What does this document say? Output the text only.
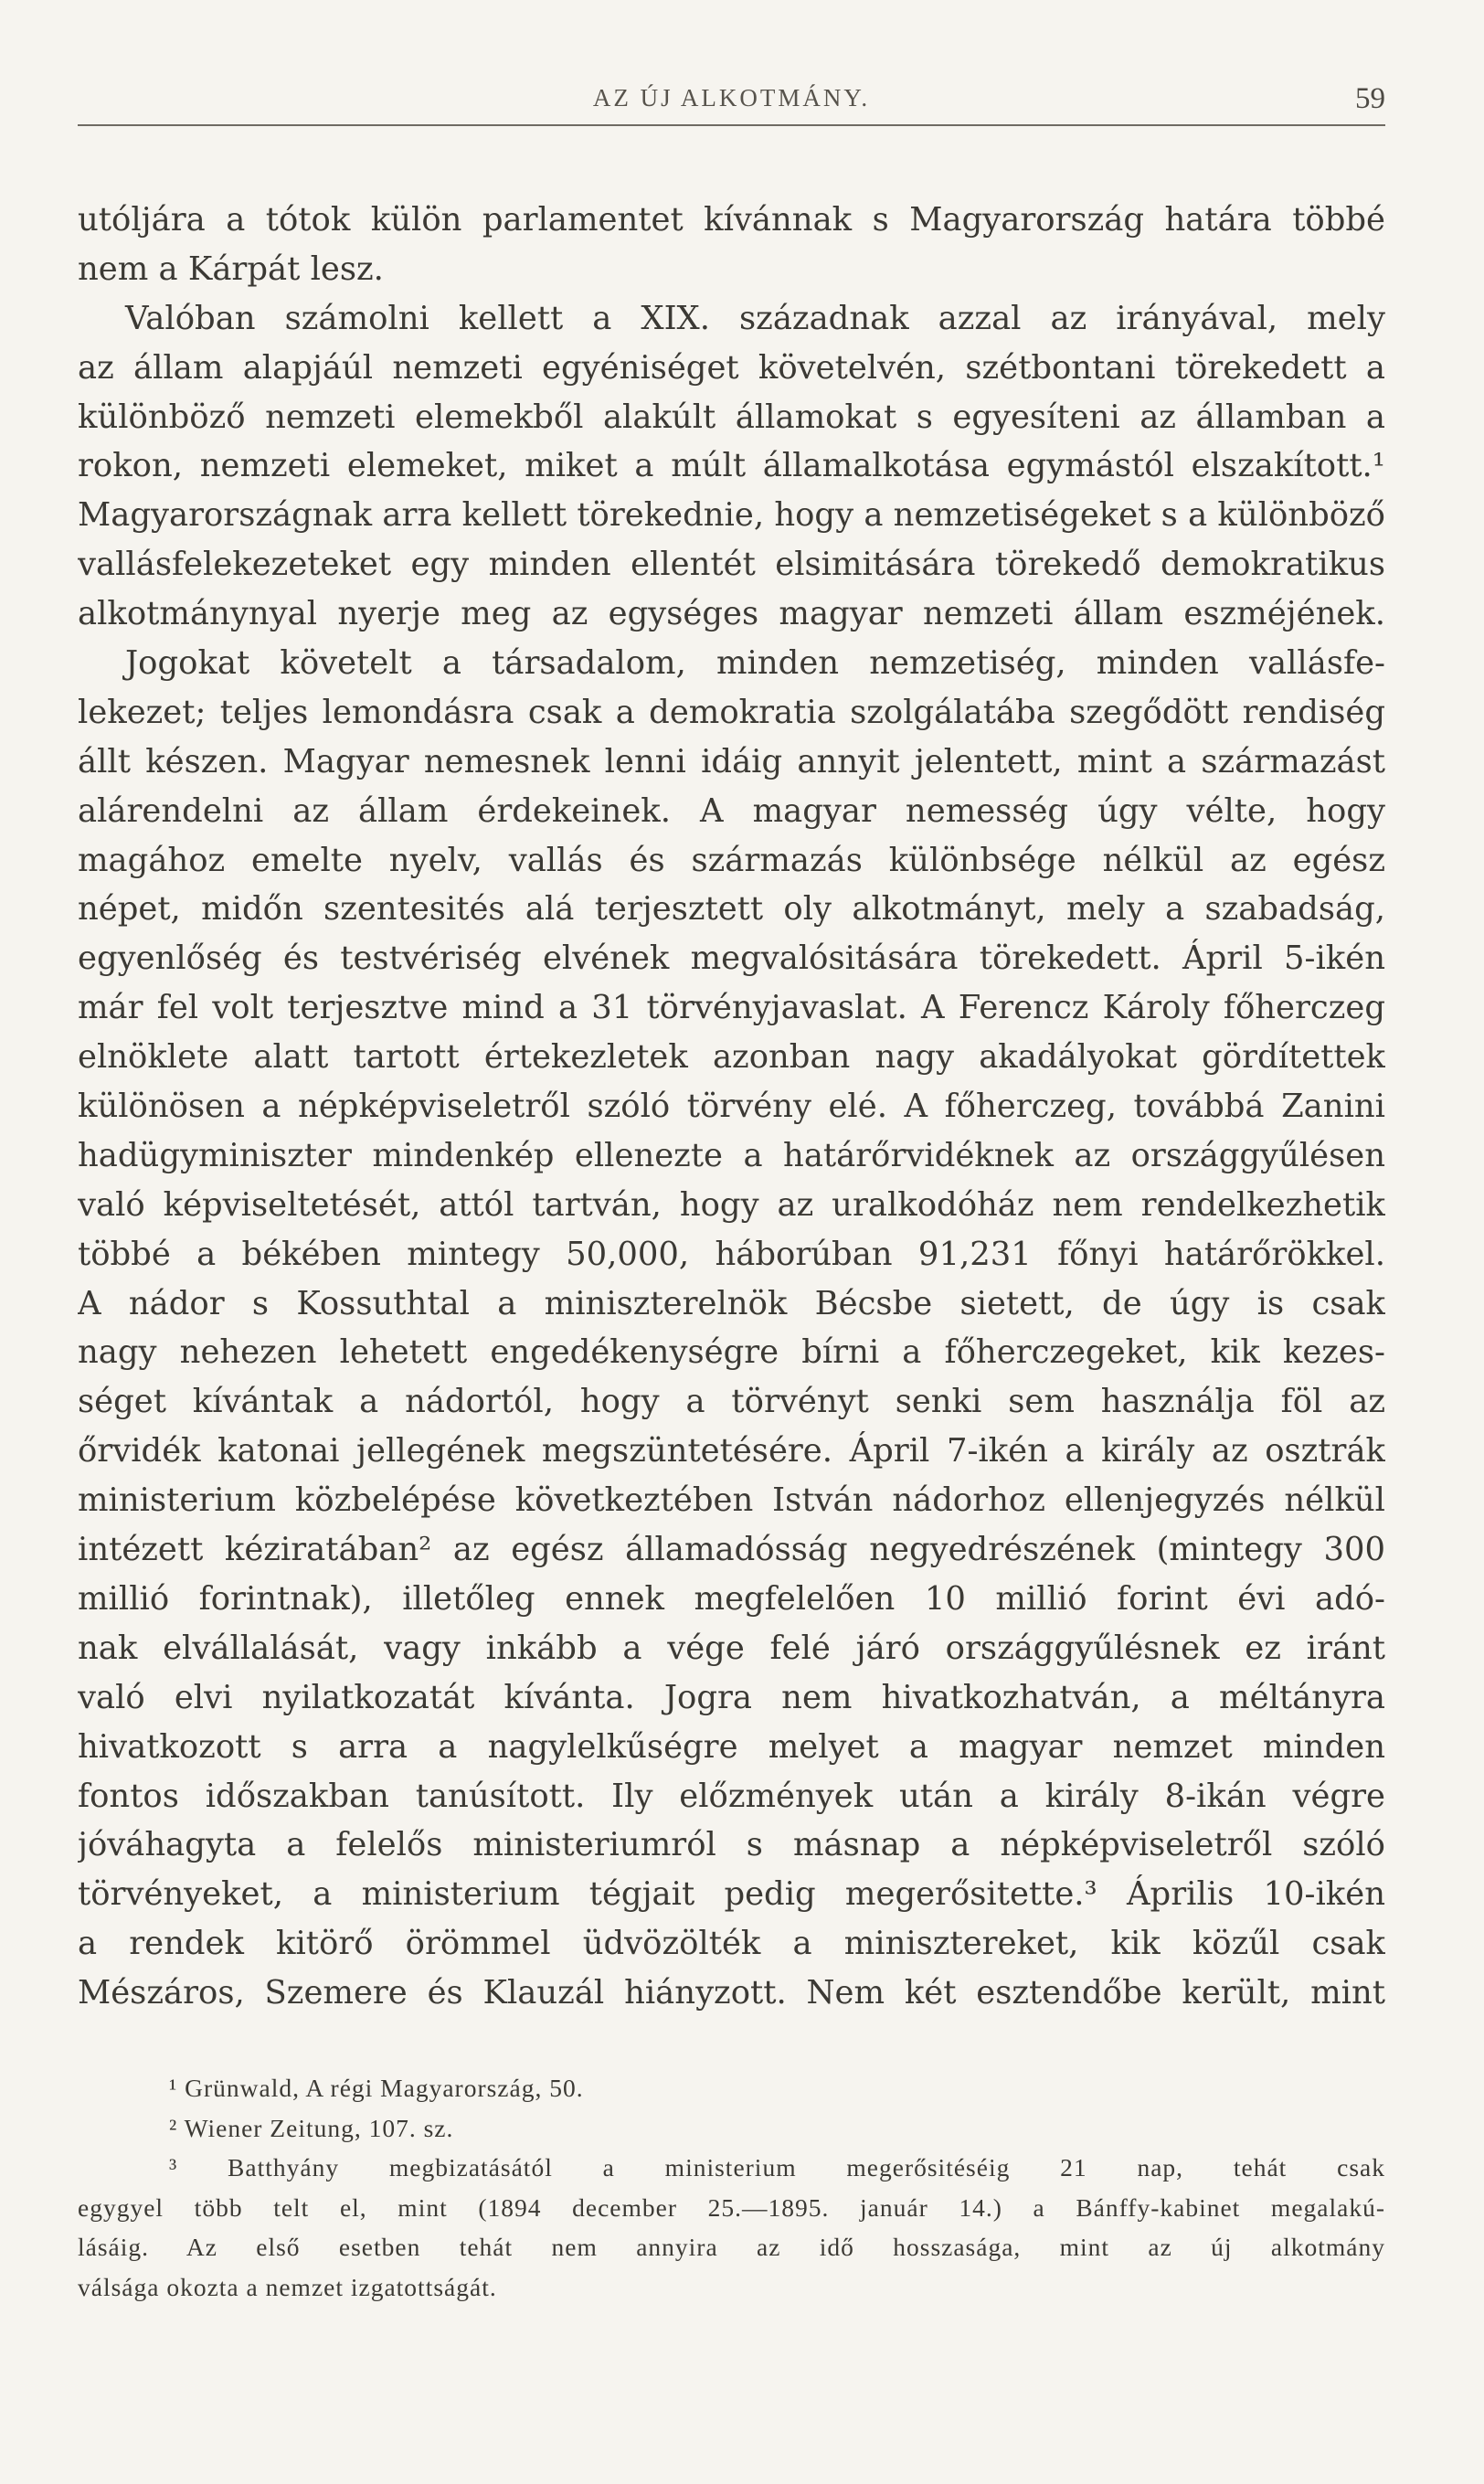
AZ ÚJ ALKOTMÁNY.	59
utóljára a tótok külön parlamentet kívánnak s Magyarország határa többé
nem a Kárpát lesz.
Valóban számolni kellett a XIX. századnak azzal az irányával, mely
az állam alapjáúl nemzeti egyéniséget követelvén, szétbontani törekedett a
különböző nemzeti elemekből alakúlt államokat s egyesíteni az államban a
rokon, nemzeti elemeket, miket a múlt államalkotása egymástól elszakított.¹
Magyarországnak arra kellett törekednie, hogy a nemzetiségeket s a különböző
vallásfelekezeteket egy minden ellentét elsimitására törekedő demokratikus
alkotmánynyal nyerje meg az egységes magyar nemzeti állam eszméjének.
Jogokat követelt a társadalom, minden nemzetiség, minden vallásfe-
lekezet; teljes lemondásra csak a demokratia szolgálatába szegődött rendiség
állt készen. Magyar nemesnek lenni idáig annyit jelentett, mint a származást
alárendelni az állam érdekeinek. A magyar nemesség úgy vélte, hogy
magához emelte nyelv, vallás és származás különbsége nélkül az egész
népet, midőn szentesités alá terjesztett oly alkotmányt, mely a szabadság,
egyenlőség és testvériség elvének megvalósitására törekedett. Ápril 5-ikén
már fel volt terjesztve mind a 31 törvényjavaslat. A Ferencz Károly főherczeg
elnöklete alatt tartott értekezletek azonban nagy akadályokat gördítettek
különösen a népképviseletről szóló törvény elé. A főherczeg, továbbá Zanini
hadügyminiszter mindenkép ellenezte a határőrvidéknek az országgyűlésen
való képviseltetését, attól tartván, hogy az uralkodóház nem rendelkezhetik
többé a békében mintegy 50,000, háborúban 91,231 főnyi határőrökkel.
A nádor s Kossuthtal a miniszterelnök Bécsbe sietett, de úgy is csak
nagy nehezen lehetett engedékenységre bírni a főherczegeket, kik kezes-
séget kívántak a nádortól, hogy a törvényt senki sem használja föl az
őrvidék katonai jellegének megszüntetésére. Ápril 7-ikén a király az osztrák
ministerium közbelépése következtében István nádorhoz ellenjegyzés nélkül
intézett kéziratában² az egész államadósság negyedrészének (mintegy 300
millió forintnak), illetőleg ennek megfelelően 10 millió forint évi adó-
nak elvállalását, vagy inkább a vége felé járó országgyűlésnek ez iránt
való elvi nyilatkozatát kívánta. Jogra nem hivatkozhatván, a méltányra
hivatkozott s arra a nagylelkűségre melyet a magyar nemzet minden
fontos időszakban tanúsított. Ily előzmények után a király 8-ikán végre
jóváhagyta a felelős ministeriumról s másnap a népképviseletről szóló
törvényeket, a ministerium tégjait pedig megerősitette.³ Április 10-ikén
a rendek kitörő örömmel üdvözölték a minisztereket, kik közűl csak
Mészáros, Szemere és Klauzál hiányzott. Nem két esztendőbe került, mint
¹ Grünwald, A régi Magyarország, 50.
² Wiener Zeitung, 107. sz.
³ Batthyány megbizatásától a ministerium megerősitéséig 21 nap, tehát csak
egygyel több telt el, mint (1894 december 25.—1895. január 14.) a Bánffy-kabinet megalakú-
lásáig. Az első esetben tehát nem annyira az idő hosszasága, mint az új alkotmány
válsága okozta a nemzet izgatottságát.
